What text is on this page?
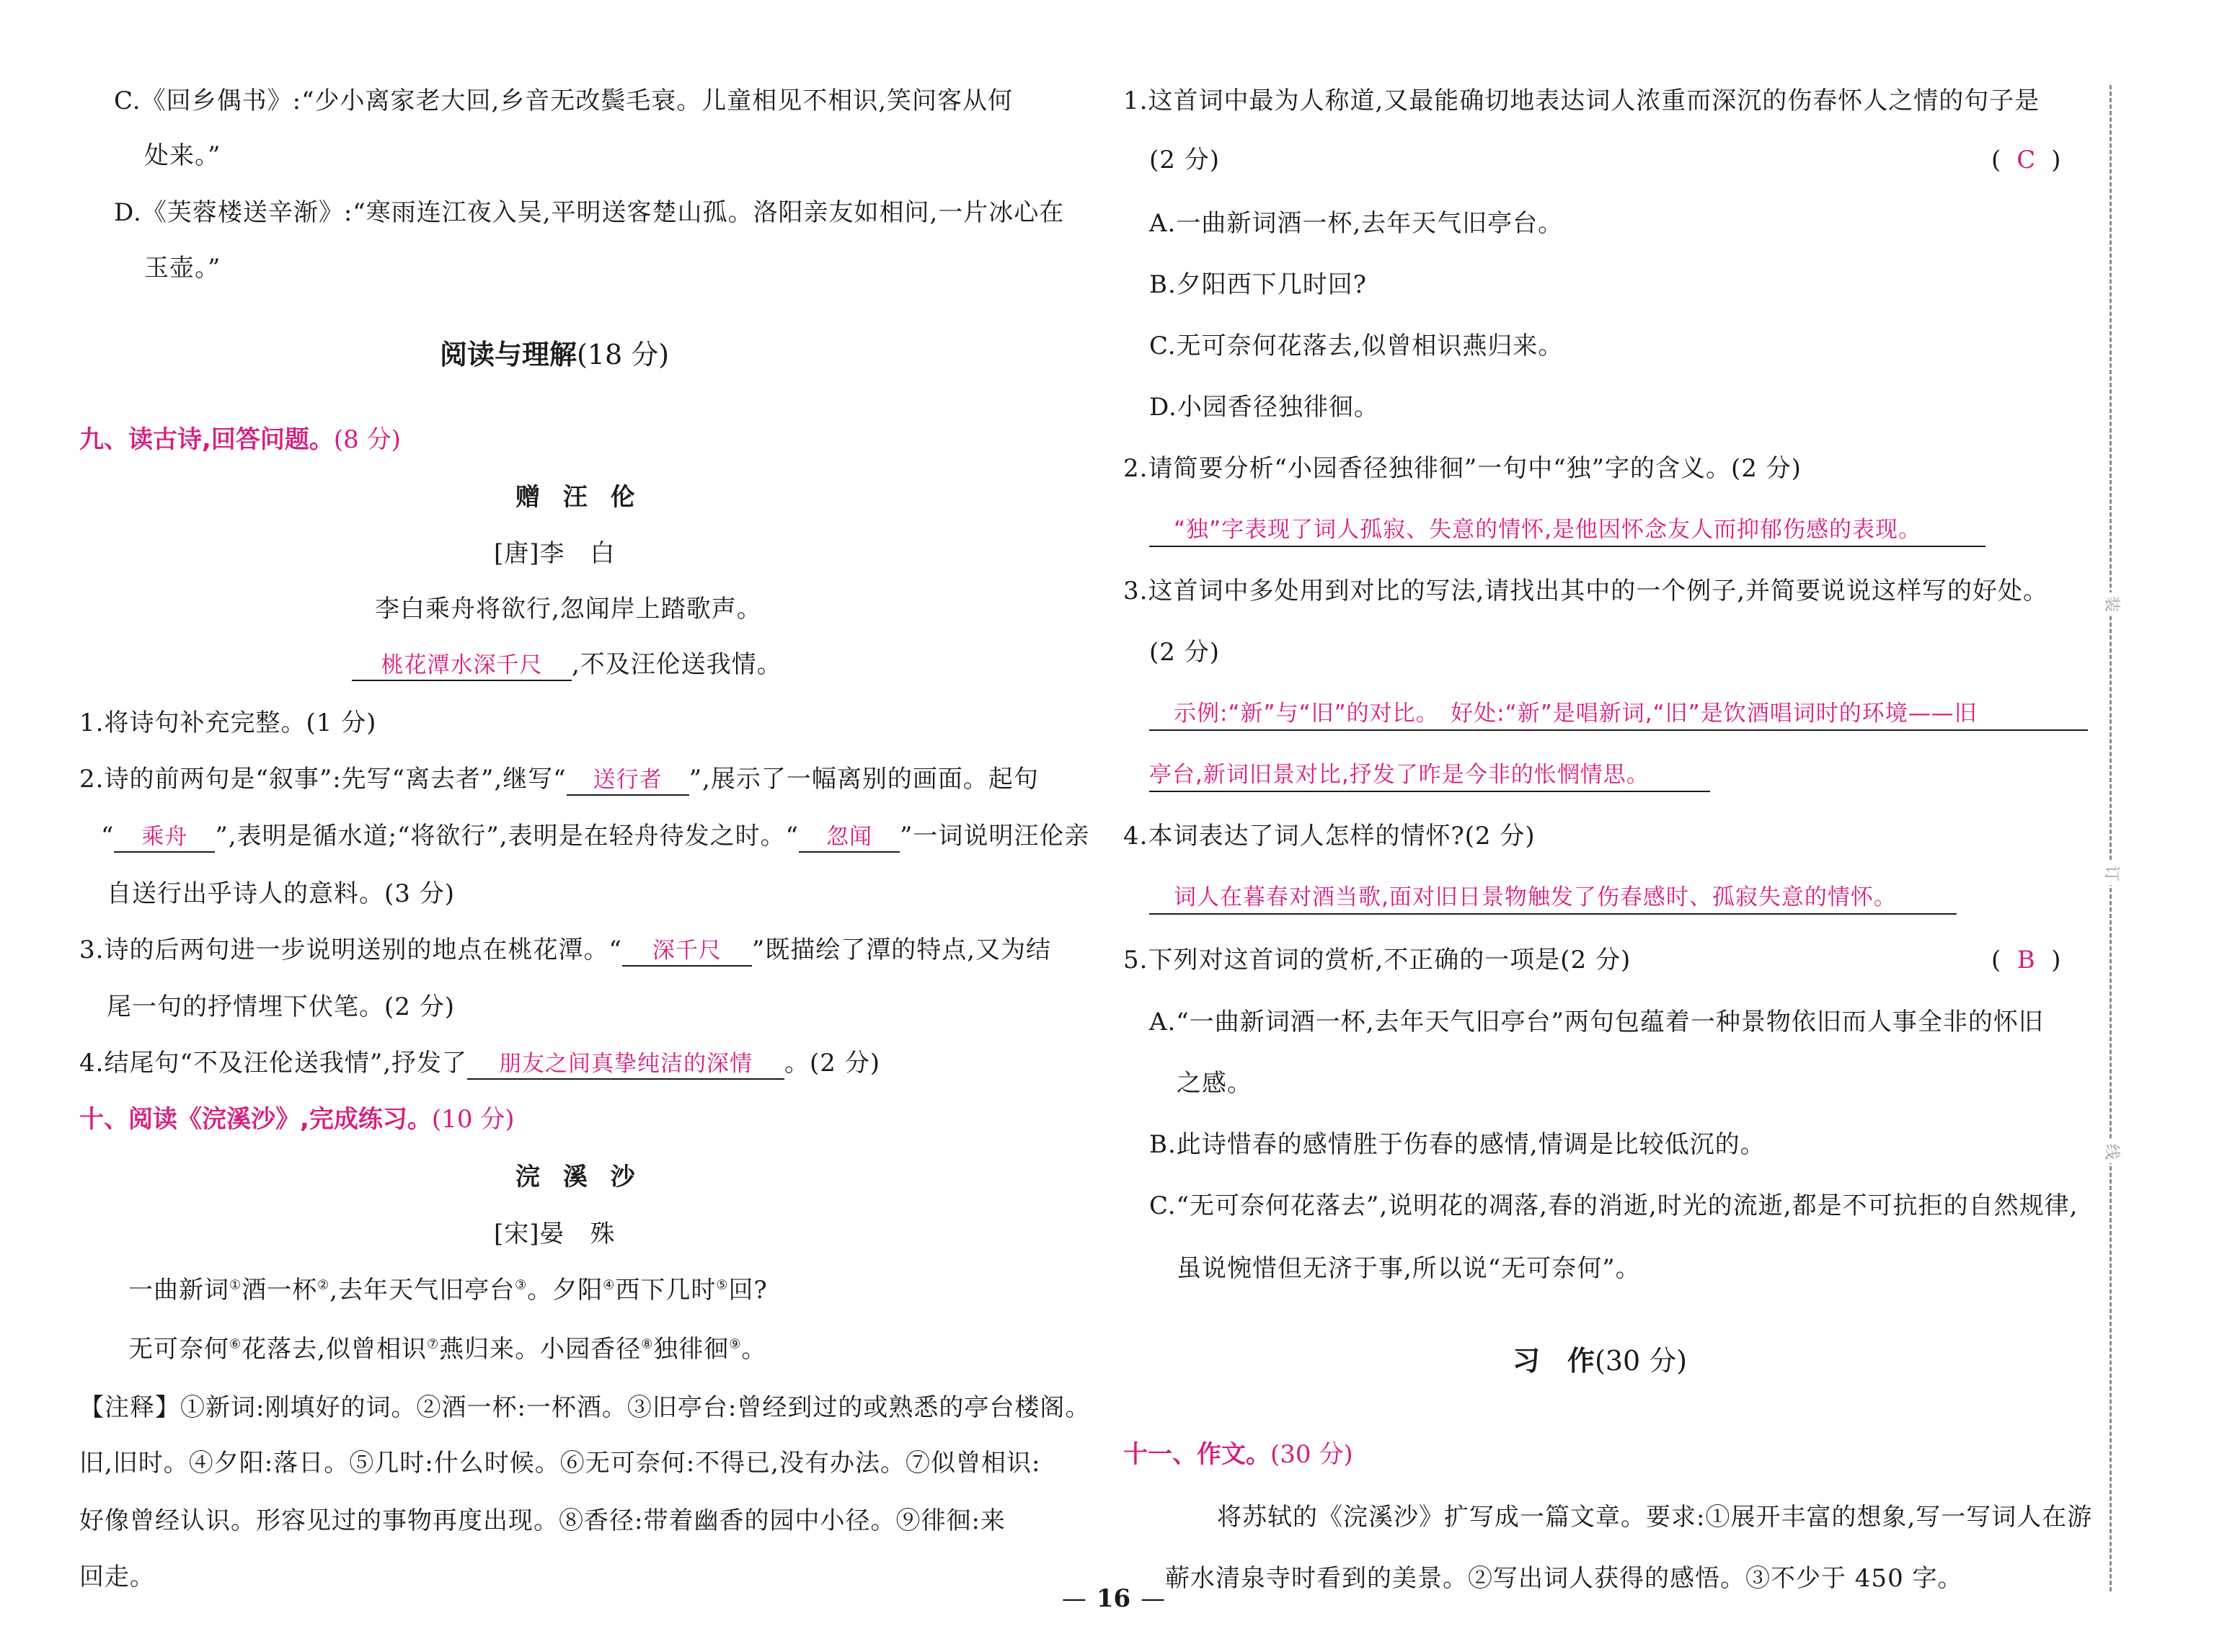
C.《回乡偶书》:“少小离家老大回,乡音无改鬓毛衰。儿童相见不相识,笑问客从何
处来。”
D.《芙蓉楼送辛渐》:“寒雨连江夜入吴,平明送客楚山孤。洛阳亲友如相问,一片冰心在
玉壶。”
阅读与理解(18 分)
九、读古诗,回答问题。(8 分)
赠 汪 伦
[唐]李　白
李白乘舟将欲行,忽闻岸上踏歌声。
桃花潭水深千尺 ,不及汪伦送我情。
1.将诗句补充完整。(1 分)
2.诗的前两句是“叙事”:先写“离去者”,继写“ 送行者 ”,展示了一幅离别的画面。起句
“ 乘舟 ”,表明是循水道;“将欲行”,表明是在轻舟待发之时。“ 忽闻 ”一词说明汪伦亲
自送行出乎诗人的意料。(3 分)
3.诗的后两句进一步说明送别的地点在桃花潭。“ 深千尺 ”既描绘了潭的特点,又为结
尾一句的抒情埋下伏笔。(2 分)
4.结尾句“不及汪伦送我情”,抒发了 朋友之间真挚纯洁的深情 。(2 分)
十、阅读《浣溪沙》,完成练习。(10 分)
浣 溪 沙
[宋]晏　殊
一曲新词①酒一杯②,去年天气旧亭台③。夕阳④西下几时⑤回?
无可奈何⑥花落去,似曾相识⑦燕归来。小园香径⑧独徘徊⑨。
【注释】①新词:刚填好的词。②酒一杯:一杯酒。③旧亭台:曾经到过的或熟悉的亭台楼阁。
旧,旧时。④夕阳:落日。⑤几时:什么时候。⑥无可奈何:不得已,没有办法。⑦似曾相识:
好像曾经认识。形容见过的事物再度出现。⑧香径:带着幽香的园中小径。⑨徘徊:来
回走。
1.这首词中最为人称道,又最能确切地表达词人浓重而深沉的伤春怀人之情的句子是
(2 分)	( C )
A.一曲新词酒一杯,去年天气旧亭台。
B.夕阳西下几时回?
C.无可奈何花落去,似曾相识燕归来。
D.小园香径独徘徊。
2.请简要分析“小园香径独徘徊”一句中“独”字的含义。(2 分)
“独”字表现了词人孤寂、失意的情怀,是他因怀念友人而抑郁伤感的表现。
3.这首词中多处用到对比的写法,请找出其中的一个例子,并简要说说这样写的好处。
(2 分)
示例:“新”与“旧”的对比。　好处:“新”是唱新词,“旧”是饮酒唱词时的环境——旧
亭台,新词旧景对比,抒发了昨是今非的怅惘情思。
4.本词表达了词人怎样的情怀?(2 分)
词人在暮春对酒当歌,面对旧日景物触发了伤春感时、孤寂失意的情怀。
5.下列对这首词的赏析,不正确的一项是(2 分)	( B )
A.“一曲新词酒一杯,去年天气旧亭台”两句包蕴着一种景物依旧而人事全非的怀旧
之感。
B.此诗惜春的感情胜于伤春的感情,情调是比较低沉的。
C.“无可奈何花落去”,说明花的凋落,春的消逝,时光的流逝,都是不可抗拒的自然规律,
虽说惋惜但无济于事,所以说“无可奈何”。
习　作(30 分)
十一、作文。(30 分)
将苏轼的《浣溪沙》扩写成一篇文章。要求:①展开丰富的想象,写一写词人在游
蕲水清泉寺时看到的美景。②写出词人获得的感悟。③不少于 450 字。
装
订
线
— 16 —
